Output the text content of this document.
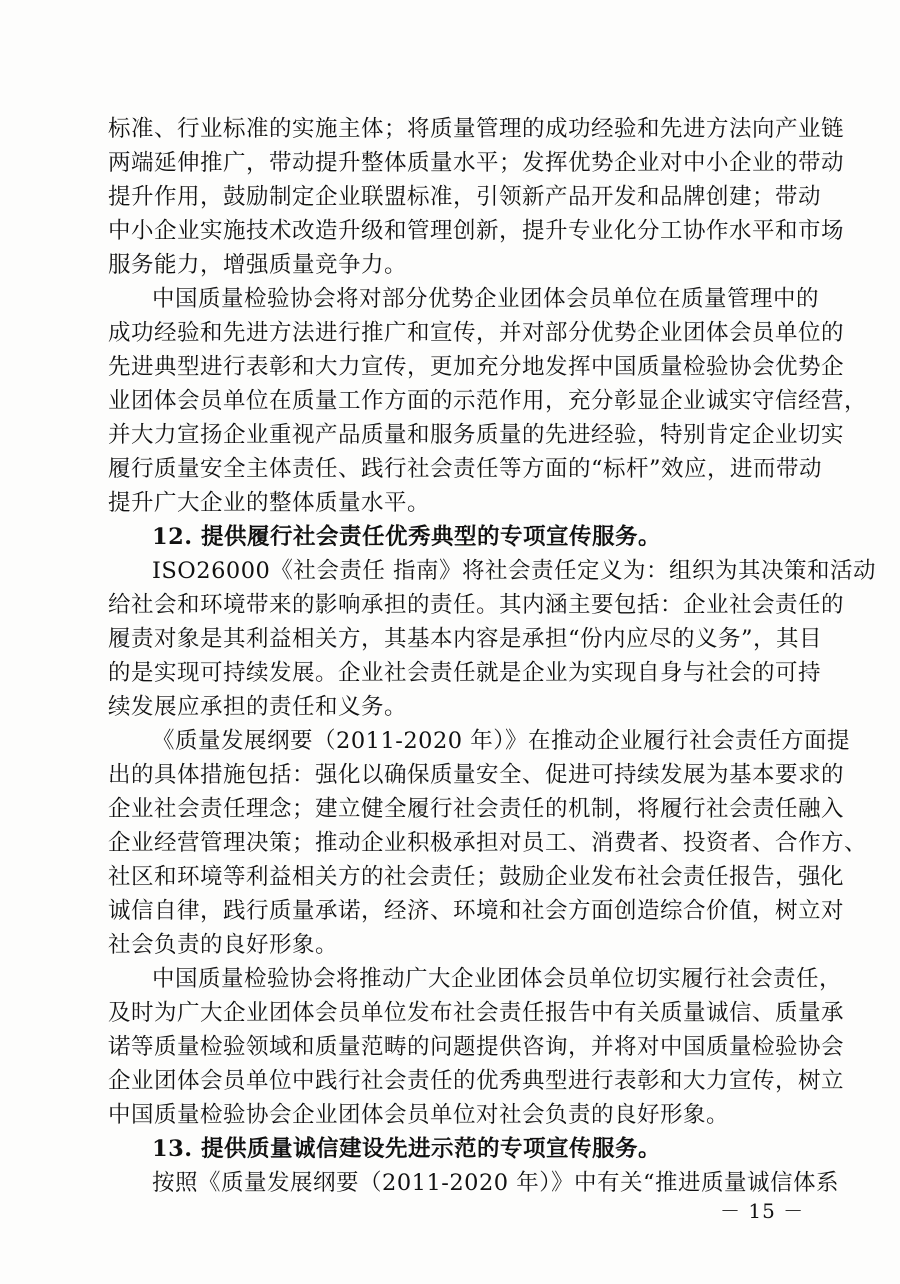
标准、行业标准的实施主体；将质量管理的成功经验和先进方法向产业链
两端延伸推广，带动提升整体质量水平；发挥优势企业对中小企业的带动
提升作用，鼓励制定企业联盟标准，引领新产品开发和品牌创建；带动
中小企业实施技术改造升级和管理创新，提升专业化分工协作水平和市场
服务能力，增强质量竞争力。
中国质量检验协会将对部分优势企业团体会员单位在质量管理中的
成功经验和先进方法进行推广和宣传，并对部分优势企业团体会员单位的
先进典型进行表彰和大力宣传，更加充分地发挥中国质量检验协会优势企
业团体会员单位在质量工作方面的示范作用，充分彰显企业诚实守信经营，
并大力宣扬企业重视产品质量和服务质量的先进经验，特别肯定企业切实
履行质量安全主体责任、践行社会责任等方面的“标杆”效应，进而带动
提升广大企业的整体质量水平。
12. 提供履行社会责任优秀典型的专项宣传服务。
ISO26000《社会责任 指南》将社会责任定义为：组织为其决策和活动
给社会和环境带来的影响承担的责任。其内涵主要包括：企业社会责任的
履责对象是其利益相关方，其基本内容是承担“份内应尽的义务”，其目
的是实现可持续发展。企业社会责任就是企业为实现自身与社会的可持
续发展应承担的责任和义务。
《质量发展纲要（2011-2020 年）》在推动企业履行社会责任方面提
出的具体措施包括：强化以确保质量安全、促进可持续发展为基本要求的
企业社会责任理念；建立健全履行社会责任的机制，将履行社会责任融入
企业经营管理决策；推动企业积极承担对员工、消费者、投资者、合作方、
社区和环境等利益相关方的社会责任；鼓励企业发布社会责任报告，强化
诚信自律，践行质量承诺，经济、环境和社会方面创造综合价值，树立对
社会负责的良好形象。
中国质量检验协会将推动广大企业团体会员单位切实履行社会责任，
及时为广大企业团体会员单位发布社会责任报告中有关质量诚信、质量承
诺等质量检验领域和质量范畴的问题提供咨询，并将对中国质量检验协会
企业团体会员单位中践行社会责任的优秀典型进行表彰和大力宣传，树立
中国质量检验协会企业团体会员单位对社会负责的良好形象。
13. 提供质量诚信建设先进示范的专项宣传服务。
按照《质量发展纲要（2011-2020 年）》中有关“推进质量诚信体系
－ 15 －
